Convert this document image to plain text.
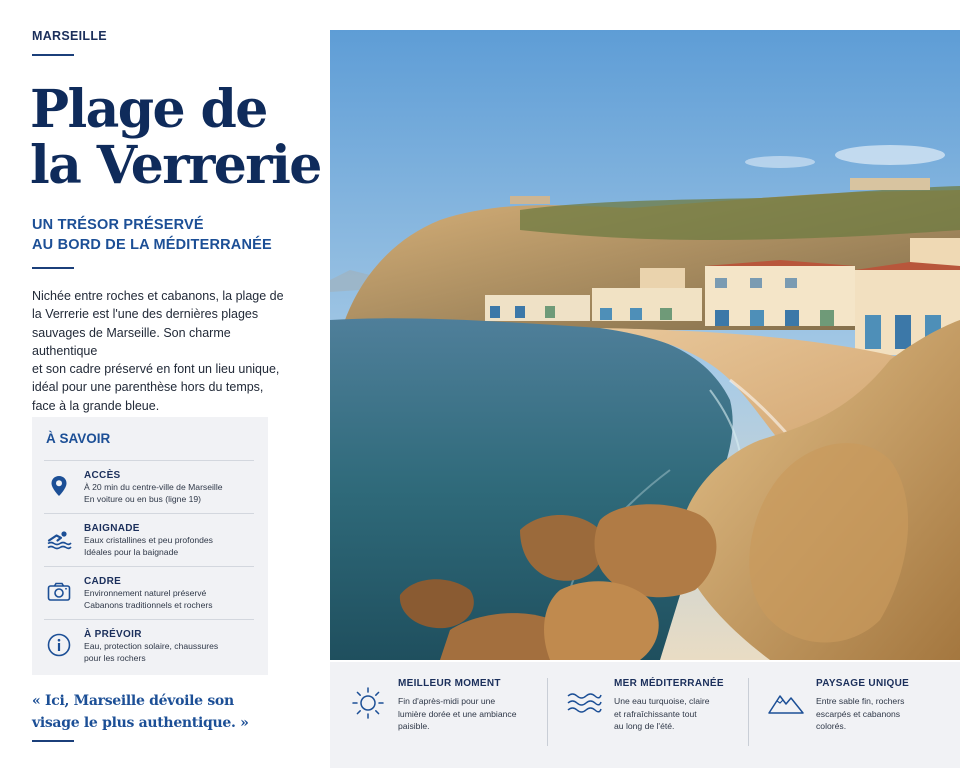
MARSEILLE
Plage de
la Verrerie
UN TRÉSOR PRÉSERVÉ
AU BORD DE LA MÉDITERRANÉE

Nichée entre roches et cabanons, la plage de
la Verrerie est l'une des dernières plages
sauvages de Marseille. Son charme authentique
et son cadre préservé en font un lieu unique,
idéal pour une parenthèse hors du temps,
face à la grande bleue.

À SAVOIR
ACCÈS
À 20 min du centre-ville de Marseille
En voiture ou en bus (ligne 19)
BAIGNADE
Eaux cristallines et peu profondes
Idéales pour la baignade
CADRE
Environnement naturel préservé
Cabanons traditionnels et rochers
À PRÉVOIR
Eau, protection solaire, chaussures
pour les rochers
« Ici, Marseille dévoile son
visage le plus authentique. »
MEILLEUR MOMENT
Fin d'après-midi pour une
lumière dorée et une ambiance
paisible.
MER MÉDITERRANÉE
Une eau turquoise, claire
et rafraîchissante tout
au long de l'été.
PAYSAGE UNIQUE
Entre sable fin, rochers
escarpés et cabanons
colorés.
